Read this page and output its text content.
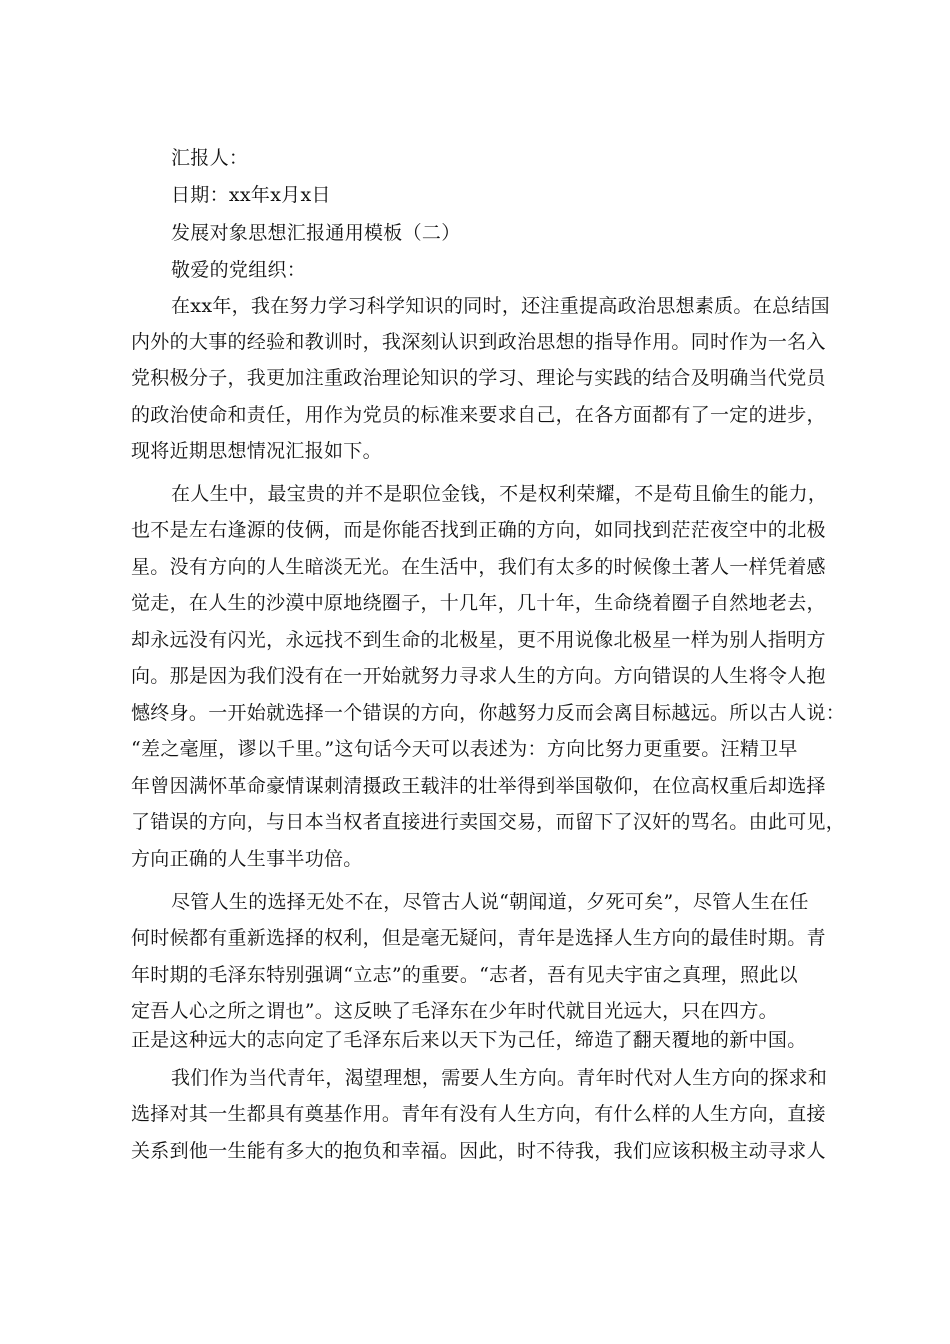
汇报人：
日期：xx年x月x日
发展对象思想汇报通用模板（二）
敬爱的党组织：
在xx年，我在努力学习科学知识的同时，还注重提高政治思想素质。在总结国
内外的大事的经验和教训时，我深刻认识到政治思想的指导作用。同时作为一名入
党积极分子，我更加注重政治理论知识的学习、理论与实践的结合及明确当代党员
的政治使命和责任，用作为党员的标准来要求自己，在各方面都有了一定的进步，
现将近期思想情况汇报如下。
在人生中，最宝贵的并不是职位金钱，不是权利荣耀，不是苟且偷生的能力，
也不是左右逢源的伎俩，而是你能否找到正确的方向，如同找到茫茫夜空中的北极
星。没有方向的人生暗淡无光。在生活中，我们有太多的时候像土著人一样凭着感
觉走，在人生的沙漠中原地绕圈子，十几年，几十年，生命绕着圈子自然地老去，
却永远没有闪光，永远找不到生命的北极星，更不用说像北极星一样为别人指明方
向。那是因为我们没有在一开始就努力寻求人生的方向。方向错误的人生将令人抱
憾终身。一开始就选择一个错误的方向，你越努力反而会离目标越远。所以古人说：
“差之毫厘，谬以千里。”这句话今天可以表述为：方向比努力更重要。汪精卫早
年曾因满怀革命豪情谋刺清摄政王载沣的壮举得到举国敬仰，在位高权重后却选择
了错误的方向，与日本当权者直接进行卖国交易，而留下了汉奸的骂名。由此可见，
方向正确的人生事半功倍。
尽管人生的选择无处不在，尽管古人说“朝闻道，夕死可矣”，尽管人生在任
何时候都有重新选择的权利，但是毫无疑问，青年是选择人生方向的最佳时期。青
年时期的毛泽东特别强调“立志”的重要。“志者，吾有见夫宇宙之真理，照此以
定吾人心之所之谓也”。这反映了毛泽东在少年时代就目光远大，只在四方。
正是这种远大的志向定了毛泽东后来以天下为己任，缔造了翻天覆地的新中国。
我们作为当代青年，渴望理想，需要人生方向。青年时代对人生方向的探求和
选择对其一生都具有奠基作用。青年有没有人生方向，有什么样的人生方向，直接
关系到他一生能有多大的抱负和幸福。因此，时不待我，我们应该积极主动寻求人
